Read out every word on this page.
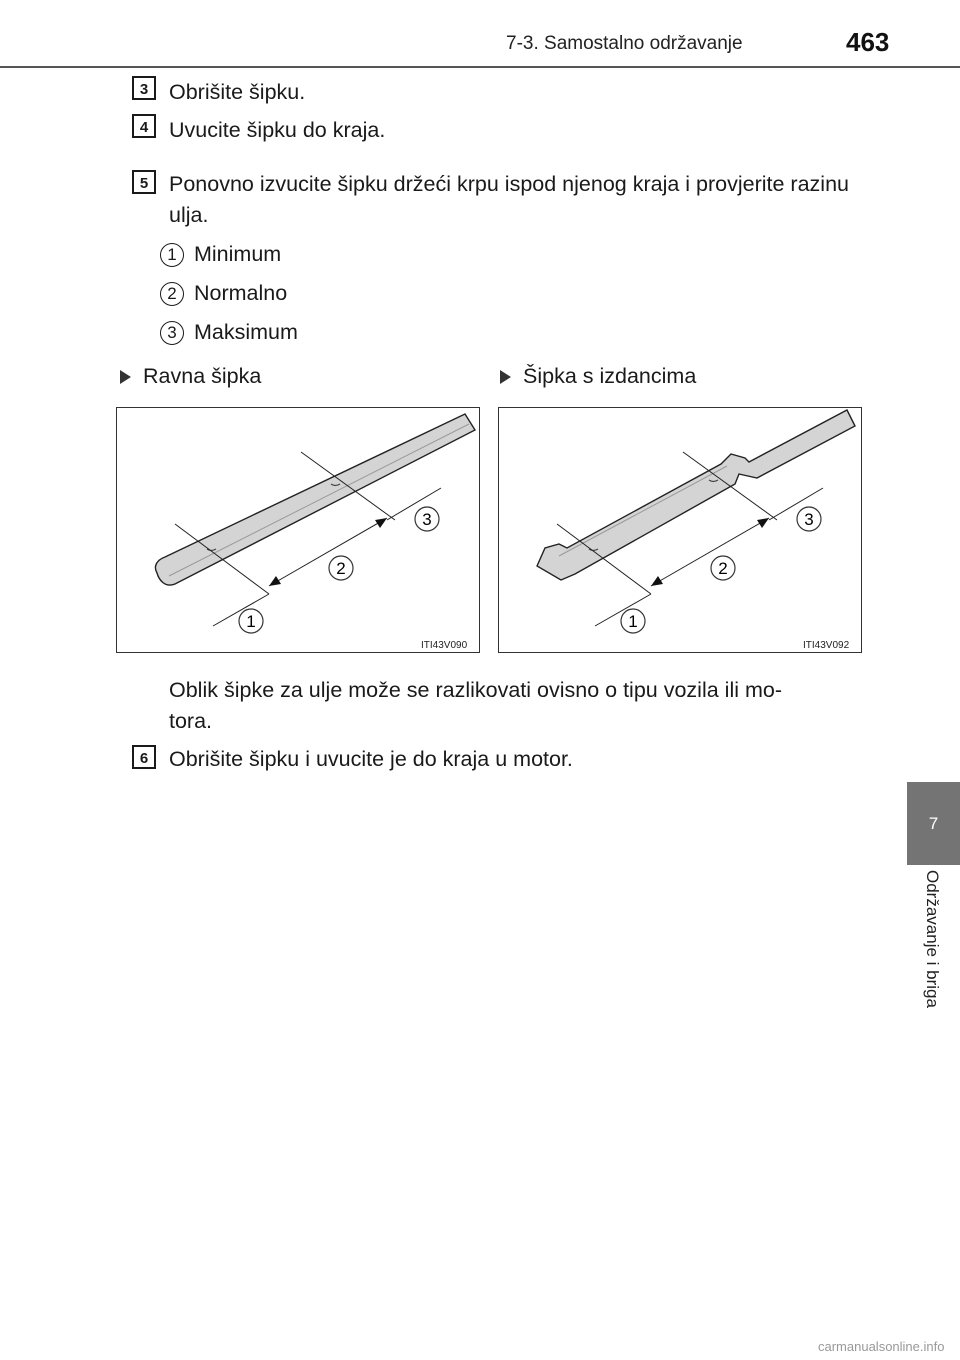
7-3. Samostalno održavanje	463
3 Obrišite šipku.
4 Uvucite šipku do kraja.
5 Ponovno izvucite šipku držeći krpu ispod njenog kraja i provjerite razinu ulja.
1 Minimum
2 Normalno
3 Maksimum
Ravna šipka	Šipka s izdancima
1
2
3
ITI43V090
1
2
3
ITI43V092
Oblik šipke za ulje može se razlikovati ovisno o tipu vozila ili mo-
tora.
6 Obrišite šipku i uvucite je do kraja u motor.
7
Održavanje i briga
carmanualsonline.info
